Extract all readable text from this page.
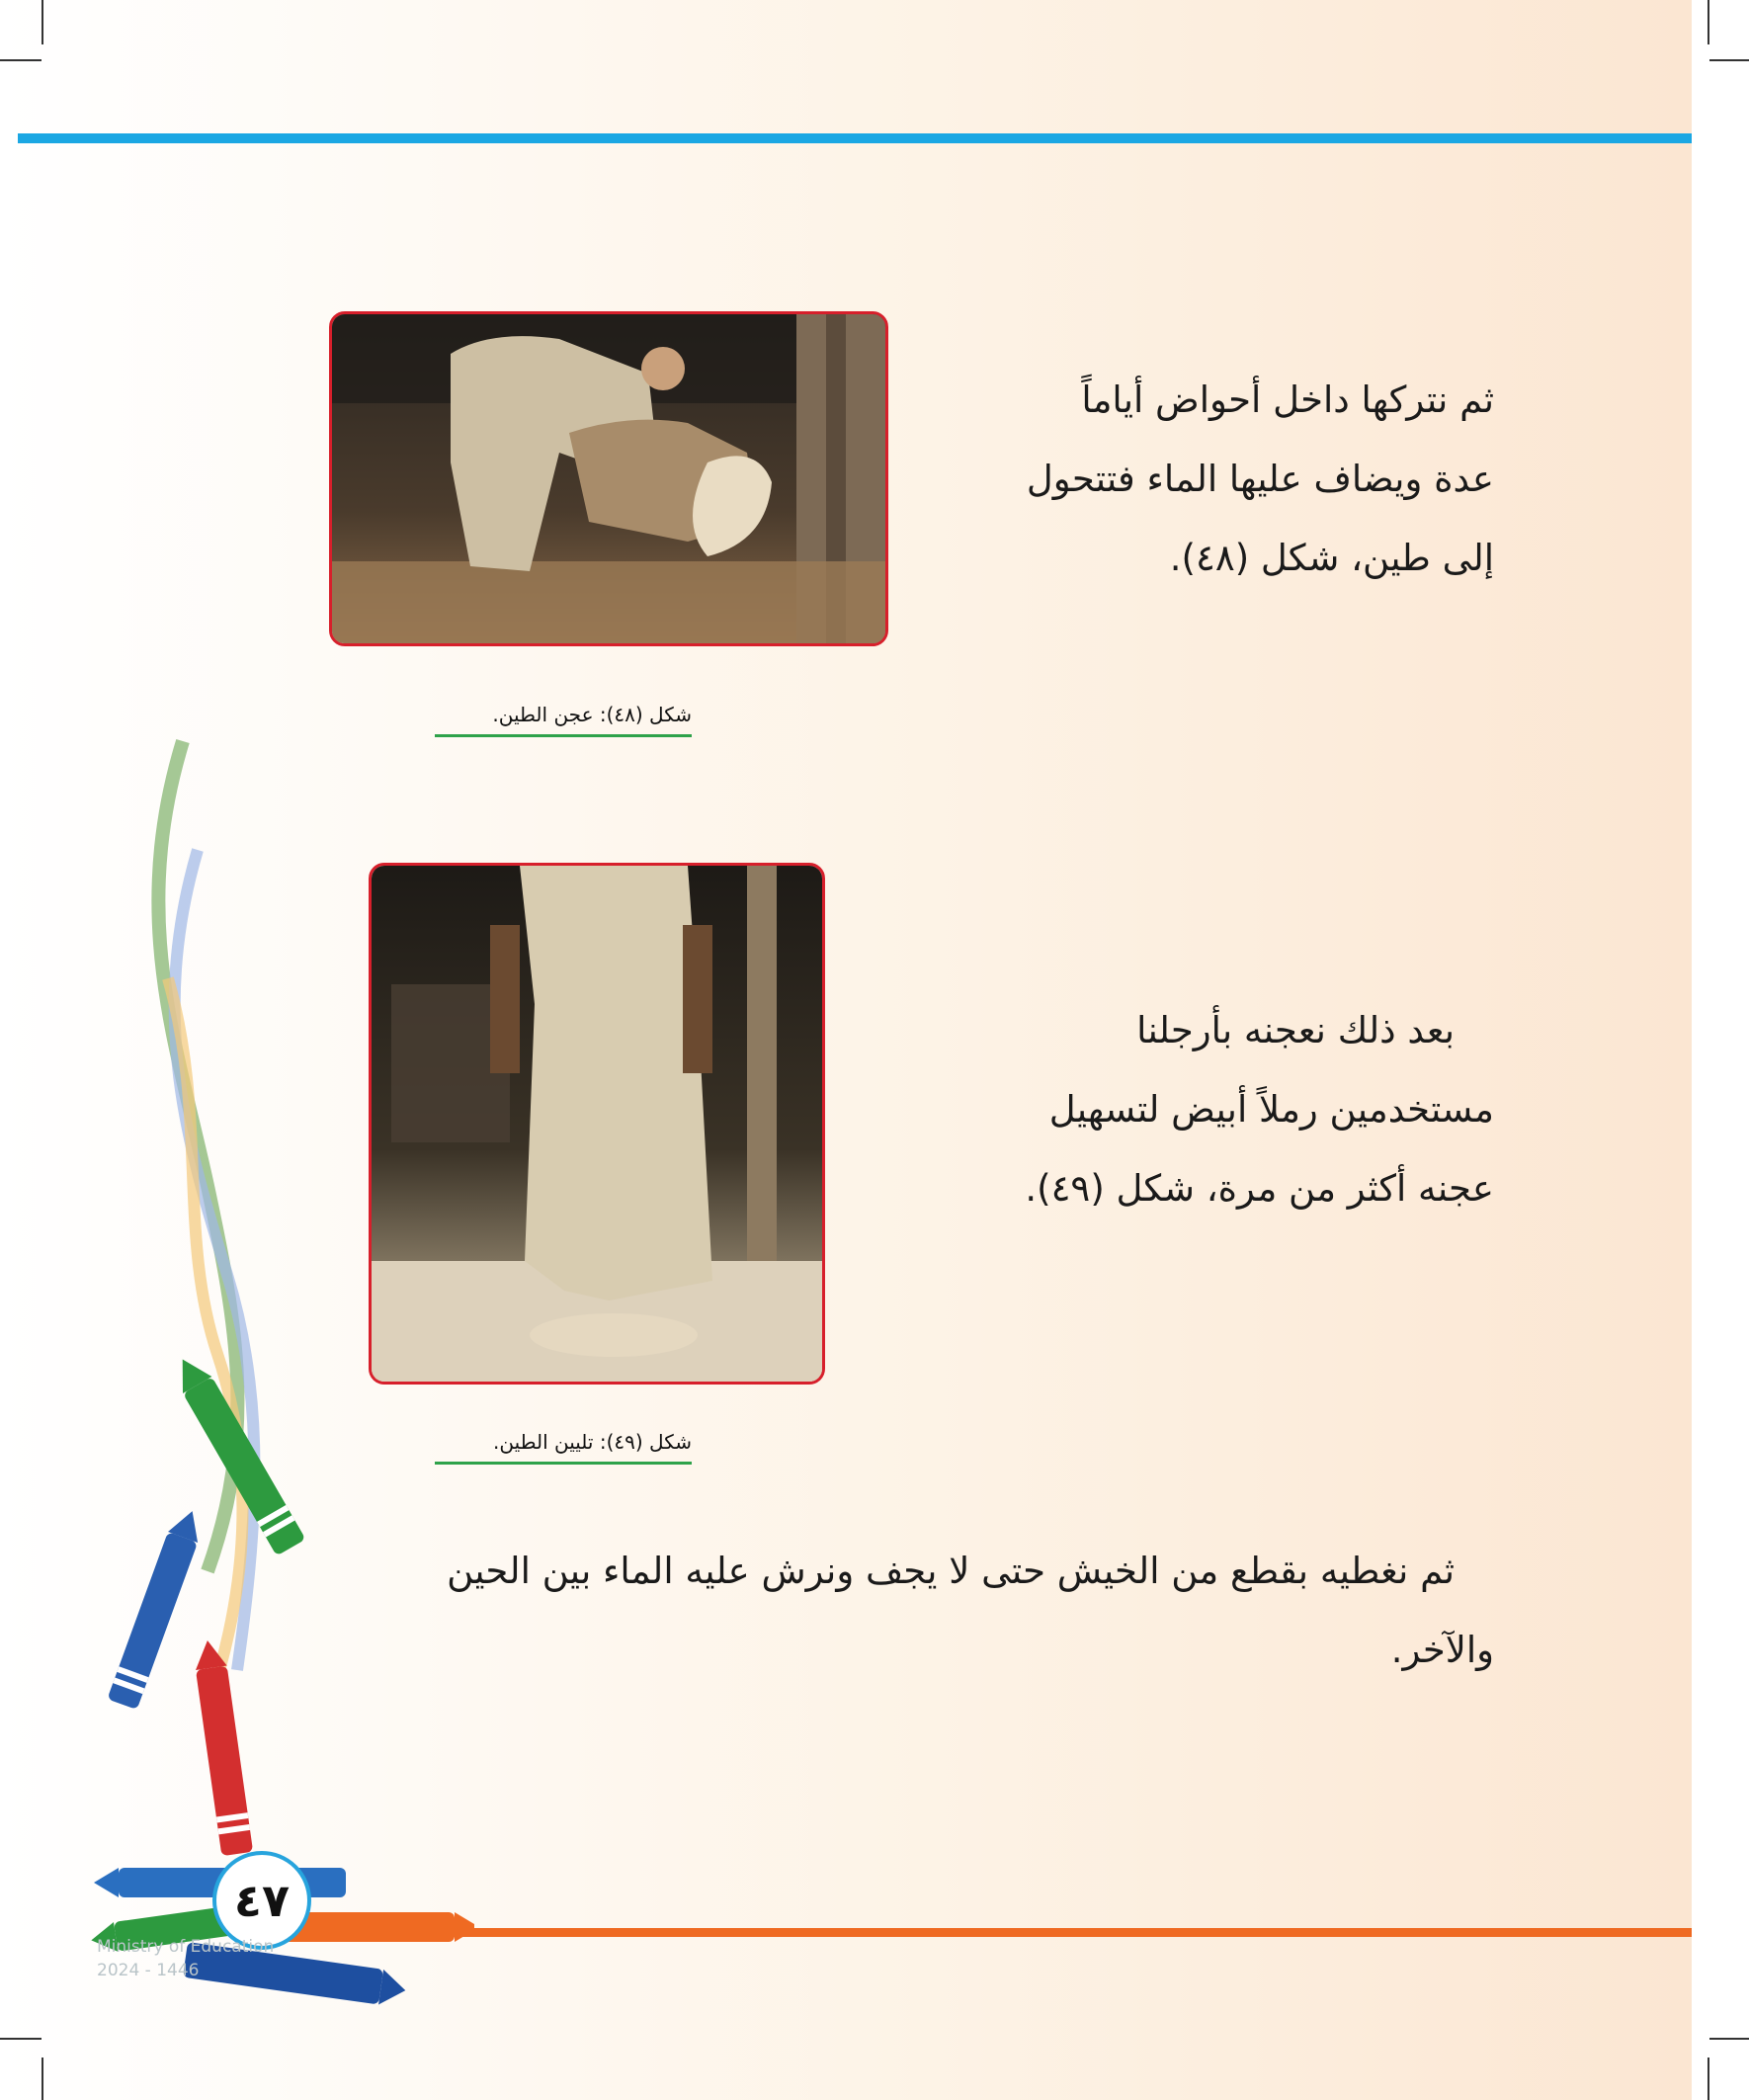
ثم نتركها داخل أحواض أياماً
عدة ويضاف عليها الماء فتتحول
إلى طين، شكل (٤٨).
شكل (٤٨): عجن الطين.
بعد ذلك نعجنه بأرجلنا
مستخدمين رملاً أبيض لتسهيل
عجنه أكثر من مرة، شكل (٤٩).
شكل (٤٩): تليين الطين.
ثم نغطيه بقطع من الخيش حتى لا يجف ونرش عليه الماء بين الحين
والآخر.
٤٧
Ministry of Education
2024 - 1446
